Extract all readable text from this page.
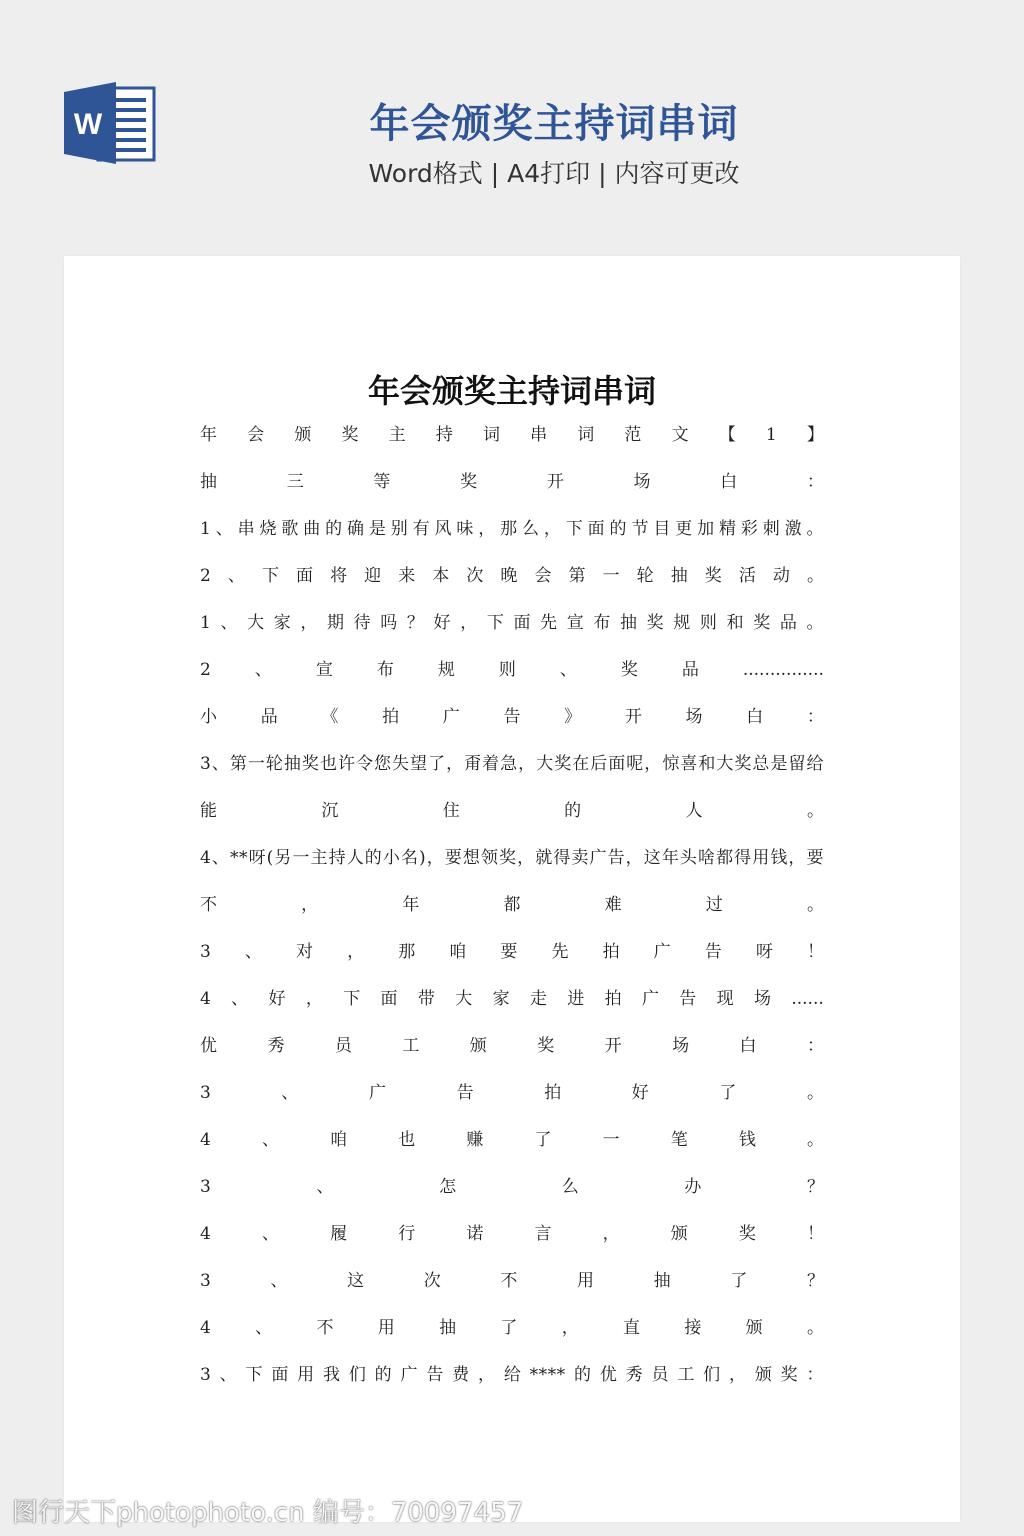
W	年会颁奖主持词串词
Word格式 | A4打印 | 内容可更改
年会颁奖主持词串词
年 会 颁 奖 主 持 词 串 词 范 文 【 1 】
抽	三	等	奖	开	场	白	：
1、串烧歌曲的确是别有风味，那么，下面的节目更加精彩刺激。
2 、 下 面 将 迎 来 本 次 晚 会 第 一 轮 抽 奖 活 动 。
1、大家，期待吗？好，下面先宣布抽奖规则和奖品。
2	、	宣	布	规	则	、	奖	品	...............
小	品	《	拍	广	告	》	开	场	白	：
3、第一轮抽奖也许令您失望了，甭着急，大奖在后面呢，惊喜和大奖总是留给
能	沉	住	的	人	。
4、**呀(另一主持人的小名)，要想领奖，就得卖广告，这年头啥都得用钱，要
不	，	年	都	难	过	。
3 、 对 ， 那 咱 要 先 拍 广 告 呀 ！
4 、 好 ， 下 面 带 大 家 走 进 拍 广 告 现 场 ......
优	秀	员	工	颁	奖	开	场	白	：
3	、	广	告	拍	好	了	。
4	、	咱	也	赚	了	一	笔	钱	。
3	、	怎	么	办	？
4	、	履	行	诺	言	，	颁	奖	！
3	、	这	次	不	用	抽	了	？
4	、	不	用	抽	了	，	直	接	颁	。
3、下面用我们的广告费，给****的优秀员工们，颁奖：
图行天下photophoto.cn 编号：70097457
